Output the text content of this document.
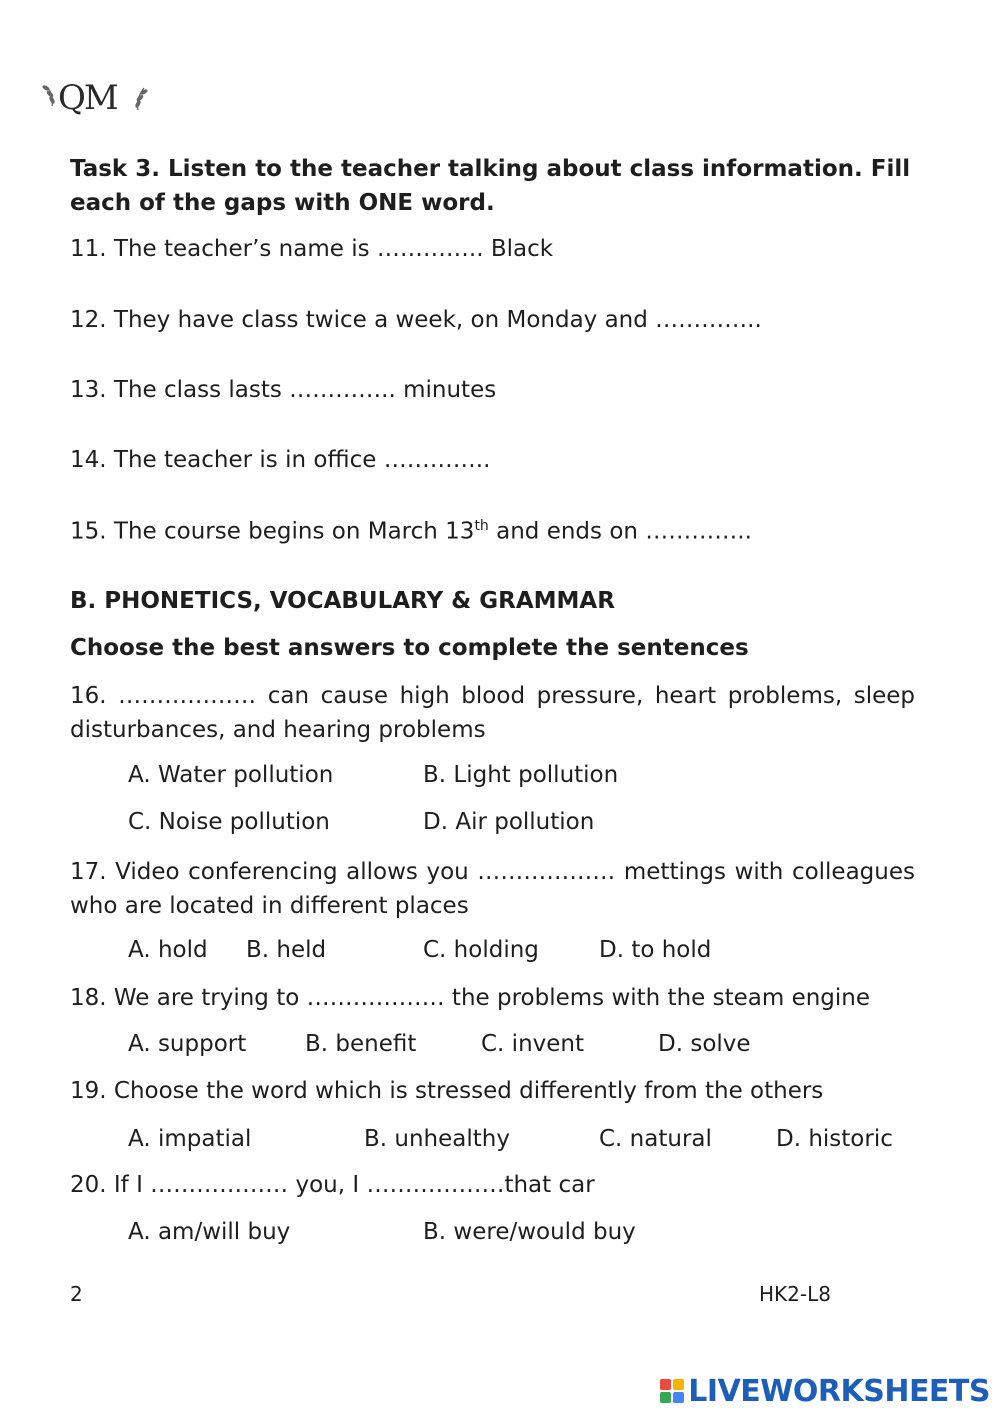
QM
Task 3. Listen to the teacher talking about class information. Fill each of the gaps with ONE word.
11. The teacher’s name is ………….. Black
12. They have class twice a week, on Monday and …………..
13. The class lasts ………….. minutes
14. The teacher is in office …………..
15. The course begins on March 13th and ends on …………..
B. PHONETICS, VOCABULARY & GRAMMAR
Choose the best answers to complete the sentences
16. ……………… can cause high blood pressure, heart problems, sleep disturbances, and hearing problems
A. Water pollution	B. Light pollution
C. Noise pollution	D. Air pollution
17. Video conferencing allows you ……………… mettings with colleagues who are located in different places
A. hold B. held	C. holding	D. to hold
18. We are trying to ……………… the problems with the steam engine
A. support	B. benefit	C. invent	D. solve
19. Choose the word which is stressed differently from the others
A. impatial	B. unhealthy	C. natural	D. historic
20. If I ……………… you, I ………………that car
A. am/will buy	B. were/would buy
2	HK2-L8
LIVEWORKSHEETS
